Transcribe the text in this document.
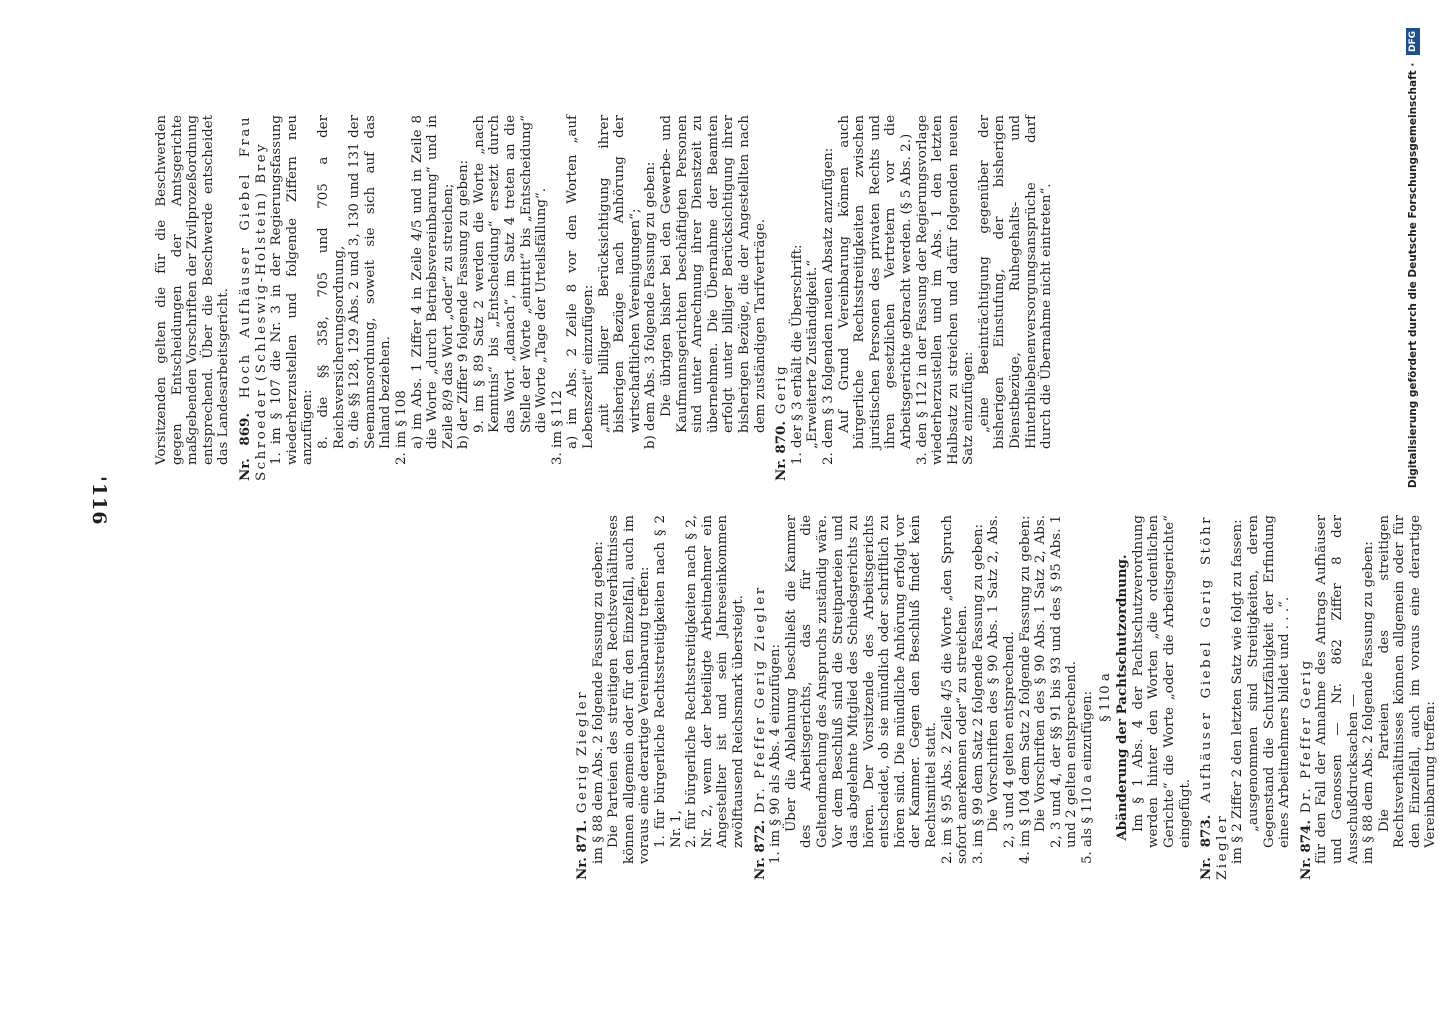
Digitalisierung gefördert durch die Deutsche Forschungsgemeinschaft · DFG
'116

Vorsitzenden gelten die für die Beschwerden gegen Entscheidungen der Amtsgerichte maßgebenden Vorschriften der Zivilprozeßordnung entsprechend. Über die Beschwerde entscheidet das Landesarbeitsgericht. Nr. 869. Hoch Aufhäuser Giebel Frau Schroeder (Schleswig-Holstein) Brey 1. im § 107 die Nr. 3 in der Regierungsfassung wiederherzustellen und folgende Ziffern neu anzufügen: 8. die §§ 358, 705 und 705 a der Reichsversicherungsordnung, 9. die §§ 128, 129 Abs. 2 und 3, 130 und 131 der Seemannsordnung, soweit sie sich auf das Inland beziehen. 2. im § 108 a) im Abs. 1 Ziffer 4 in Zeile 4/5 und in Zeile 8 die Worte „durch Betriebsvereinbarung“ und in Zeile 8/9 das Wort „oder“ zu streichen; b) der Ziffer 9 folgende Fassung zu geben: 9. im § 89 Satz 2 werden die Worte „nach Kenntnis“ bis „Entscheidung“ ersetzt durch das Wort „danach“, im Satz 4 treten an die Stelle der Worte „eintritt“ bis „Entscheidung“ die Worte „Tage der Urteilsfällung“. 3. im § 112 a) im Abs. 2 Zeile 8 vor den Worten „auf Lebenszeit“ einzufügen: „mit billiger Berücksichtigung ihrer bisherigen Bezüge nach Anhörung der wirtschaftlichen Vereinigungen“; b) dem Abs. 3 folgende Fassung zu geben: Die übrigen bisher bei den Gewerbe- und Kaufmannsgerichten beschäftigten Personen sind unter Anrechnung ihrer Dienstzeit zu übernehmen. Die Übernahme der Beamten erfolgt unter billiger Berücksichtigung ihrer bisherigen Bezüge, die der Angestellten nach dem zuständigen Tarifverträge.

Nr. 870. Gerig 1. der § 3 erhält die Überschrift: „Erweiterte Zuständigkeit.“ 2. dem § 3 folgenden neuen Absatz anzufügen: Auf Grund Vereinbarung können auch bürgerliche Rechtsstreitigkeiten zwischen juristischen Personen des privaten Rechts und ihren gesetzlichen Vertretern vor die Arbeitsgerichte gebracht werden. (§ 5 Abs. 2.) 3. den § 112 in der Fassung der Regierungsvorlage wiederherzustellen und im Abs. 1 den letzten Halbsatz zu streichen und dafür folgenden neuen Satz einzufügen: „eine Beeinträchtigung gegenüber der bisherigen Einstufung, der bisherigen Dienstbezüge, Ruhegehalts- und Hinterbliebenenversorgungsansprüche darf durch die Übernahme nicht eintreten“.

Nr. 871. Gerig Ziegler im § 88 dem Abs. 2 folgende Fassung zu geben: Die Parteien des streitigen Rechtsverhältnisses können allgemein oder für den Einzelfall, auch im voraus eine derartige Vereinbarung treffen: 1. für bürgerliche Rechtsstreitigkeiten nach § 2 Nr. 1, 2. für bürgerliche Rechtsstreitigkeiten nach § 2, Nr. 2, wenn der beteiligte Arbeitnehmer ein Angestellter ist und sein Jahreseinkommen zwölftausend Reichsmark übersteigt.

Nr. 872. Dr. Pfeffer Gerig Ziegler 1. im § 90 als Abs. 4 einzufügen: Über die Ablehnung beschließt die Kammer des Arbeitsgerichts, das für die Geltendmachung des Anspruchs zuständig wäre. Vor dem Beschluß sind die Streitparteien und das abgelehnte Mitglied des Schiedsgerichts zu hören. Der Vorsitzende des Arbeitsgerichts entscheidet, ob sie mündlich oder schriftlich zu hören sind. Die mündliche Anhörung erfolgt vor der Kammer. Gegen den Beschluß findet kein Rechtsmittel statt. 2. im § 95 Abs. 2 Zeile 4/5 die Worte „den Spruch sofort anerkennen oder“ zu streichen. 3. im § 99 dem Satz 2 folgende Fassung zu geben: Die Vorschriften des § 90 Abs. 1 Satz 2, Abs. 2, 3 und 4 gelten entsprechend. 4. im § 104 dem Satz 2 folgende Fassung zu geben: Die Vorschriften des § 90 Abs. 1 Satz 2, Abs. 2, 3 und 4, der §§ 91 bis 93 und des § 95 Abs. 1 und 2 gelten entsprechend. 5. als § 110 a einzufügen: § 110 a Abänderung der Pachtschutzordnung. Im § 1 Abs. 4 der Pachtschutzverordnung werden hinter den Worten „die ordentlichen Gerichte“ die Worte „oder die Arbeitsgerichte“ eingefügt. Nr. 873. Aufhäuser Giebel Gerig Stöhr Ziegler im § 2 Ziffer 2 den letzten Satz wie folgt zu fassen: „ausgenommen sind Streitigkeiten, deren Gegenstand die Schutzfähigkeit der Erfindung eines Arbeitnehmers bildet und . . .“.

Nr. 874. Dr. Pfeffer Gerig für den Fall der Annahme des Antrags Aufhäuser und Genossen — Nr. 862 Ziffer 8 der Ausschußdrucksachen — im § 88 dem Abs. 2 folgende Fassung zu geben: Die Parteien des streitigen Rechtsverhältnisses können allgemein oder für den Einzelfall, auch im voraus eine derartige Vereinbarung treffen:
